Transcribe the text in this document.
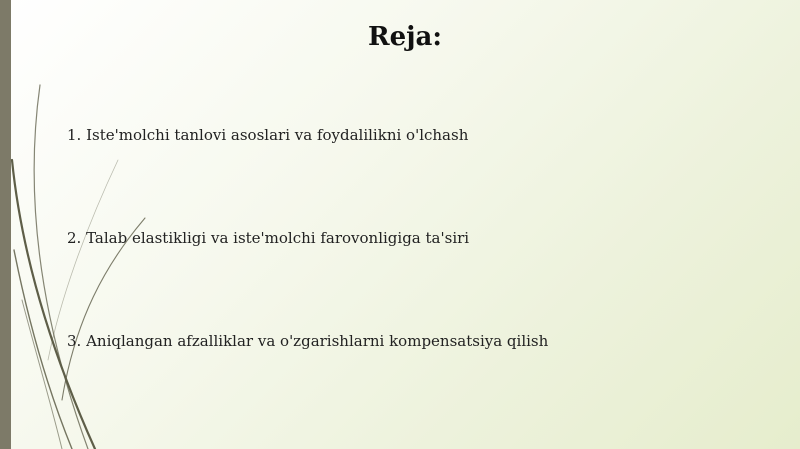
Reja:
1. Iste'molchi tanlovi asoslari va foydalilikni o'lchash
2. Talab elastikligi va iste'molchi farovonligiga ta'siri
3. Aniqlangan afzalliklar va o'zgarishlarni kompensatsiya qilish
